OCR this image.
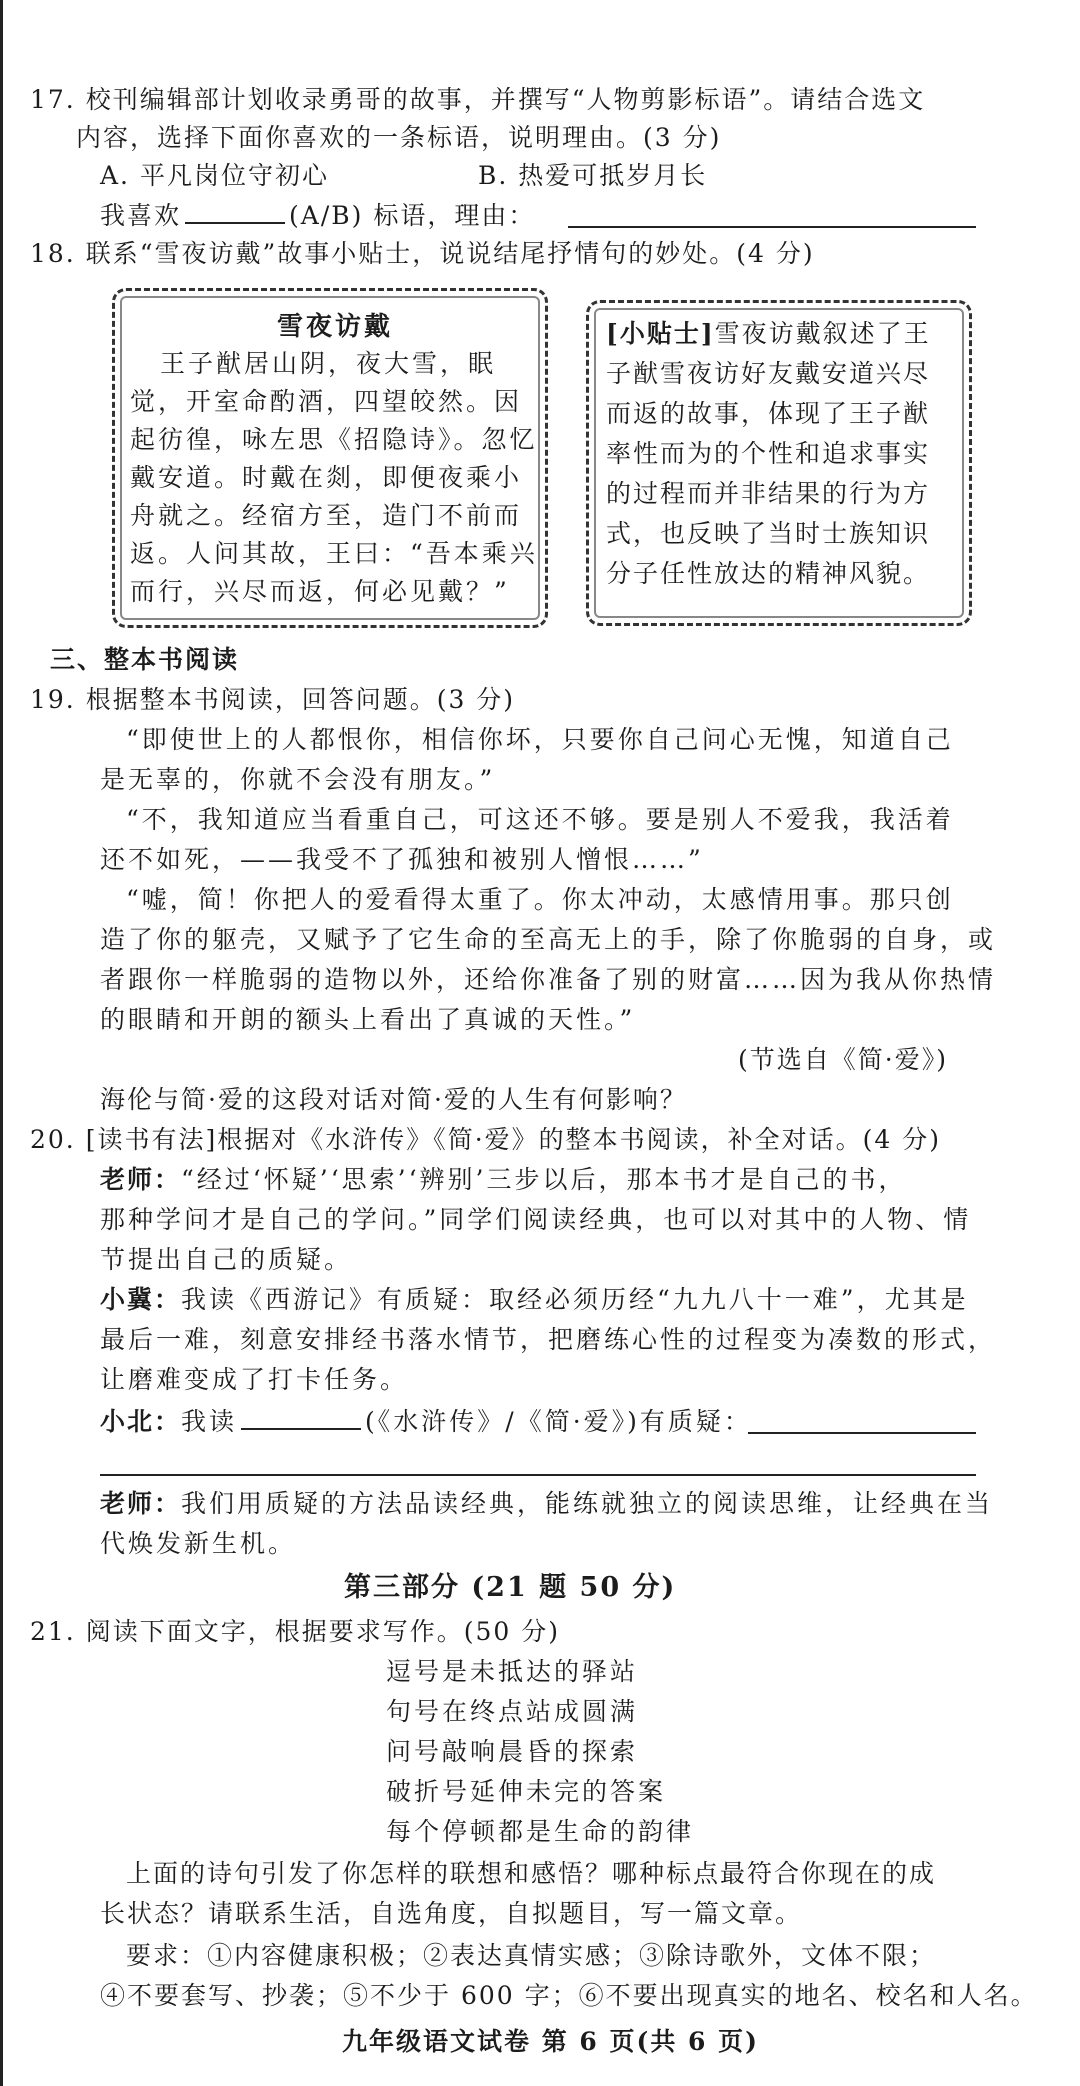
17. 校刊编辑部计划收录勇哥的故事，并撰写“人物剪影标语”。请结合选文
内容，选择下面你喜欢的一条标语，说明理由。(3 分)
A. 平凡岗位守初心	B. 热爱可抵岁月长
我喜欢	(A/B) 标语，理由：
18. 联系“雪夜访戴”故事小贴士，说说结尾抒情句的妙处。(4 分)
雪夜访戴
王子猷居山阴，夜大雪，眠
觉，开室命酌酒，四望皎然。因
起彷徨，咏左思《招隐诗》。忽忆
戴安道。时戴在剡，即便夜乘小
舟就之。经宿方至，造门不前而
返。人问其故，王曰：“吾本乘兴
而行，兴尽而返，何必见戴？”
[小贴士]雪夜访戴叙述了王
子猷雪夜访好友戴安道兴尽
而返的故事，体现了王子猷
率性而为的个性和追求事实
的过程而并非结果的行为方
式，也反映了当时士族知识
分子任性放达的精神风貌。
三、整本书阅读
19. 根据整本书阅读，回答问题。(3 分)
“即使世上的人都恨你，相信你坏，只要你自己问心无愧，知道自己
是无辜的，你就不会没有朋友。”
“不，我知道应当看重自己，可这还不够。要是别人不爱我，我活着
还不如死，——我受不了孤独和被别人憎恨……”
“嘘，简！你把人的爱看得太重了。你太冲动，太感情用事。那只创
造了你的躯壳，又赋予了它生命的至高无上的手，除了你脆弱的自身，或
者跟你一样脆弱的造物以外，还给你准备了别的财富……因为我从你热情
的眼睛和开朗的额头上看出了真诚的天性。”
(节选自《简·爱》)
海伦与简·爱的这段对话对简·爱的人生有何影响？
20. [读书有法]根据对《水浒传》《简·爱》的整本书阅读，补全对话。(4 分)
老师：“经过‘怀疑’‘思索’‘辨别’三步以后，那本书才是自己的书，
那种学问才是自己的学问。”同学们阅读经典，也可以对其中的人物、情
节提出自己的质疑。
小冀：我读《西游记》有质疑：取经必须历经“九九八十一难”，尤其是
最后一难，刻意安排经书落水情节，把磨练心性的过程变为凑数的形式，
让磨难变成了打卡任务。
小北：我读	(《水浒传》/《简·爱》)有质疑：
老师：我们用质疑的方法品读经典，能练就独立的阅读思维，让经典在当
代焕发新生机。
第三部分 (21 题 50 分)
21. 阅读下面文字，根据要求写作。(50 分)
逗号是未抵达的驿站
句号在终点站成圆满
问号敲响晨昏的探索
破折号延伸未完的答案
每个停顿都是生命的韵律
上面的诗句引发了你怎样的联想和感悟？哪种标点最符合你现在的成
长状态？请联系生活，自选角度，自拟题目，写一篇文章。
要求：①内容健康积极；②表达真情实感；③除诗歌外，文体不限；
④不要套写、抄袭；⑤不少于 600 字；⑥不要出现真实的地名、校名和人名。
九年级语文试卷 第 6 页(共 6 页)
